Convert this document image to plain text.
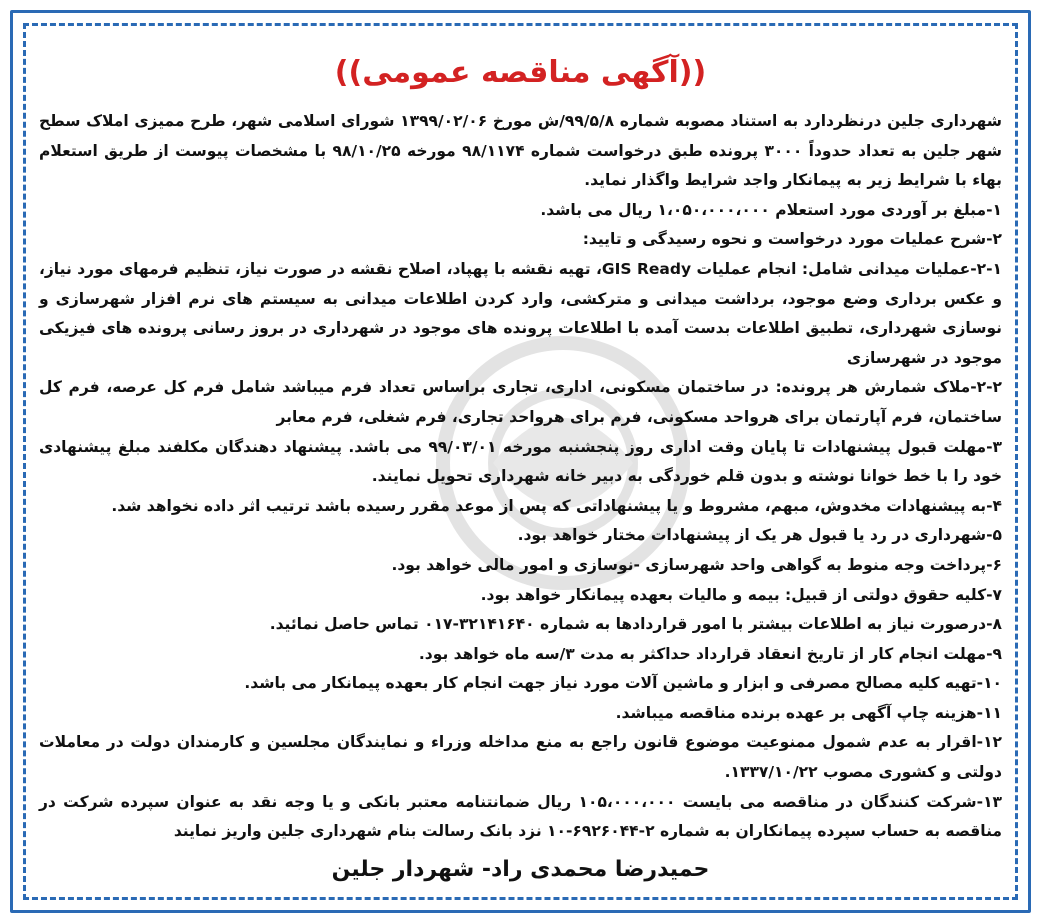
((آگهی مناقصه عمومی))

شهرداری جلین درنظردارد به استناد مصوبه شماره ۹۹/۵/۸/ش مورخ ۱۳۹۹/۰۲/۰۶ شورای اسلامی شهر، طرح ممیزی املاک سطح شهر جلین به تعداد حدوداً ۳۰۰۰ پرونده طبق درخواست شماره ۹۸/۱۱۷۴ مورخه ۹۸/۱۰/۲۵ با مشخصات پیوست از طریق استعلام بهاء با شرایط زیر به پیمانکار واجد شرایط واگذار نماید.

۱-مبلغ بر آوردی مورد استعلام ۱،۰۵۰،۰۰۰،۰۰۰ ریال می باشد.

۲-شرح عملیات مورد درخواست و نحوه رسیدگی و تایید:

۲-۱-عملیات میدانی شامل: انجام عملیات GIS Ready، تهیه نقشه با پهپاد، اصلاح نقشه در صورت نیاز، تنظیم فرمهای مورد نیاز، و عکس برداری وضع موجود، برداشت میدانی و مترکشی، وارد کردن اطلاعات میدانی به سیستم های نرم افزار شهرسازی و نوسازی شهرداری، تطبیق اطلاعات بدست آمده با اطلاعات پرونده های موجود در شهرداری در بروز رسانی پرونده های فیزیکی موجود در شهرسازی

۲-۲-ملاک شمارش هر پرونده: در ساختمان مسکونی، اداری، تجاری براساس تعداد فرم میباشد شامل فرم کل عرصه، فرم کل ساختمان، فرم آپارتمان برای هرواحد مسکونی، فرم برای هرواحد تجاری، فرم شغلی، فرم معابر

۳-مهلت قبول پیشنهادات تا پایان وقت اداری روز پنجشنبه مورخه ۹۹/۰۳/۰۱ می باشد. پیشنهاد دهندگان مکلفند مبلغ پیشنهادی خود را با خط خوانا نوشته و بدون قلم خوردگی به دبیر خانه شهرداری تحویل نمایند.

۴-به پیشنهادات مخدوش، مبهم، مشروط و یا پیشنهاداتی که پس از موعد مقرر رسیده باشد ترتیب اثر داده نخواهد شد.

۵-شهرداری در رد یا قبول هر یک از پیشنهادات مختار خواهد بود.

۶-پرداخت وجه منوط به گواهی واحد شهرسازی -نوسازی و امور مالی خواهد بود.

۷-کلیه حقوق دولتی از قبیل: بیمه و مالیات بعهده پیمانکار خواهد بود.

۸-درصورت نیاز به اطلاعات بیشتر با امور قراردادها به شماره ۳۲۱۴۱۶۴۰-۰۱۷ تماس حاصل نمائید.

۹-مهلت انجام کار از تاریخ انعقاد قرارداد حداکثر به مدت ۳/سه ماه خواهد بود.

۱۰-تهیه کلیه مصالح مصرفی و ابزار و ماشین آلات مورد نیاز جهت انجام کار بعهده پیمانکار می باشد.

۱۱-هزینه چاپ آگهی بر عهده برنده مناقصه میباشد.

۱۲-اقرار به عدم شمول ممنوعیت موضوع قانون راجع به منع مداخله وزراء و نمایندگان مجلسین و کارمندان دولت در معاملات دولتی و کشوری مصوب ۱۳۳۷/۱۰/۲۲.

۱۳-شرکت کنندگان در مناقصه می بایست ۱۰۵،۰۰۰،۰۰۰ ریال ضمانتنامه معتبر بانکی و یا وجه نقد به عنوان سپرده شرکت در مناقصه به حساب سپرده پیمانکاران به شماره ۲-۶۹۲۶۰۴۴-۱۰ نزد بانک رسالت بنام شهرداری جلین واریز نمایند

حمیدرضا محمدی راد- شهردار جلین
